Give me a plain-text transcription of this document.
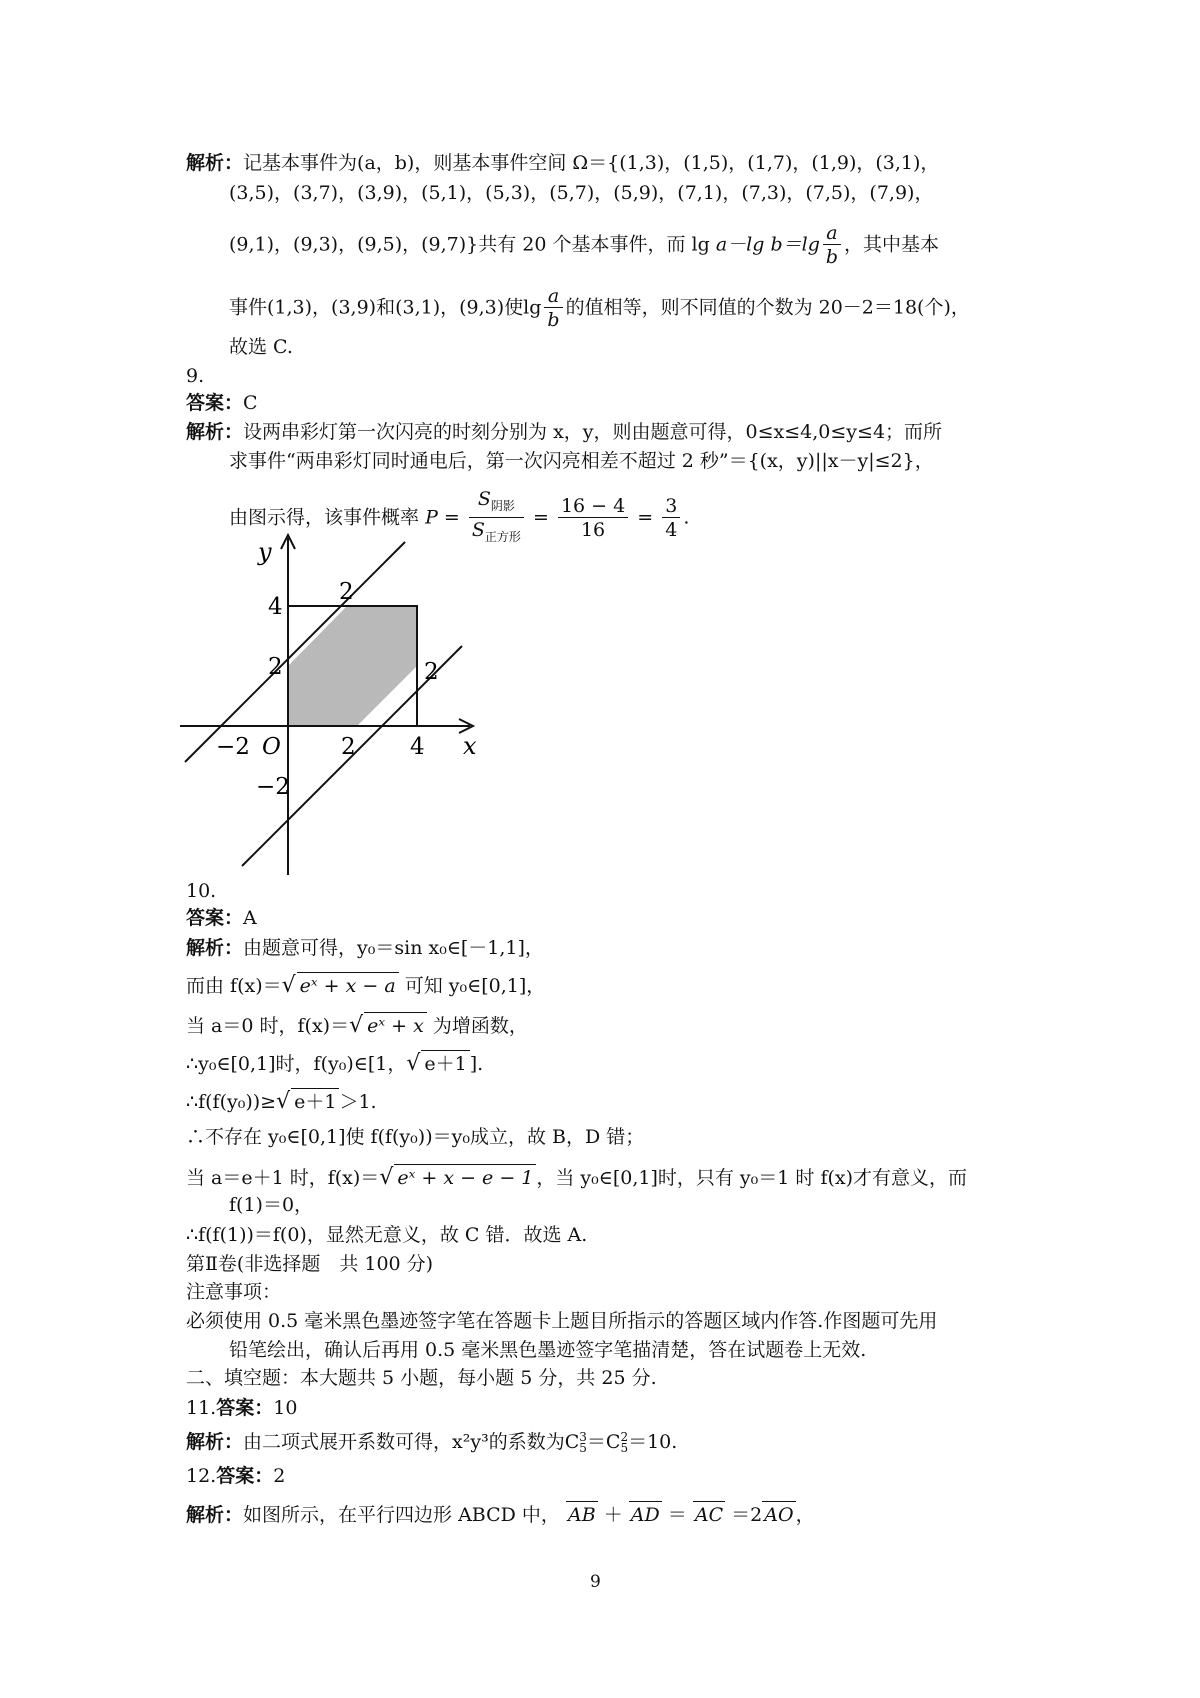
解析：记基本事件为(a，b)，则基本事件空间 Ω＝{(1,3)，(1,5)，(1,7)，(1,9)，(3,1)，
(3,5)，(3,7)，(3,9)，(5,1)，(5,3)，(5,7)，(5,9)，(7,1)，(7,3)，(7,5)，(7,9)，
(9,1)，(9,3)，(9,5)，(9,7)}共有 20 个基本事件，而 lg a－lg $b=\lg \frac{a}{b}$ ，其中基本
事件(1,3)，(3,9)和(3,1)，(9,3)使$\lg \frac{a}{b}$ 的值相等，则不同值的个数为 20－2＝18(个)，
故选 C.
9.
答案：C
解析：设两串彩灯第一次闪亮的时刻分别为 x，y，则由题意可得，0≤x≤4,0≤y≤4；而所
求事件“两串彩灯同时通电后，第一次闪亮相差不超过 2 秒”＝{(x，y)||x－y|≤2}，
由图示得，该事件概率 $P = \frac{S_{阴影}}{S_{正方形}} = \frac{16 - 4}{16} = \frac{3}{4}$ .
y
x
O
4
2
−2
−2	2 4
2
2
10.
答案：A
解析：由题意可得，y₀＝sin x₀∈[－1,1]，
而由 f(x)＝√ eˣ + x − a 可知 y₀∈[0,1]，
当 a＝0 时，f(x)＝√ eˣ + x 为增函数，
∴y₀∈[0,1]时，f(y₀)∈[1，√ e＋1 ].
∴f(f(y₀))≥√ e＋1 ＞1.
∴不存在 y₀∈[0,1]使 f(f(y₀))＝y₀成立，故 B，D 错；
当 a＝e＋1 时，f(x)＝√ eˣ + x − e − 1 ，当 y₀∈[0,1]时，只有 y₀＝1 时 f(x)才有意义，而
f(1)＝0，
∴f(f(1))＝f(0)，显然无意义，故 C 错．故选 A.
第Ⅱ卷(非选择题　共 100 分)
注意事项：
必须使用 0.5 毫米黑色墨迹签字笔在答题卡上题目所指示的答题区域内作答.作图题可先用
铅笔绘出，确认后再用 0.5 毫米黑色墨迹签字笔描清楚，答在试题卷上无效.
二、填空题：本大题共 5 小题，每小题 5 分，共 25 分.
11.答案：10
解析：由二项式展开系数可得，x²y³的系数为C 3
5 ＝C 2
5 ＝10.
12.答案：2
解析：如图所示，在平行四边形 ABCD 中， AB ＋ AD ＝ AC ＝2 AO ，
9
